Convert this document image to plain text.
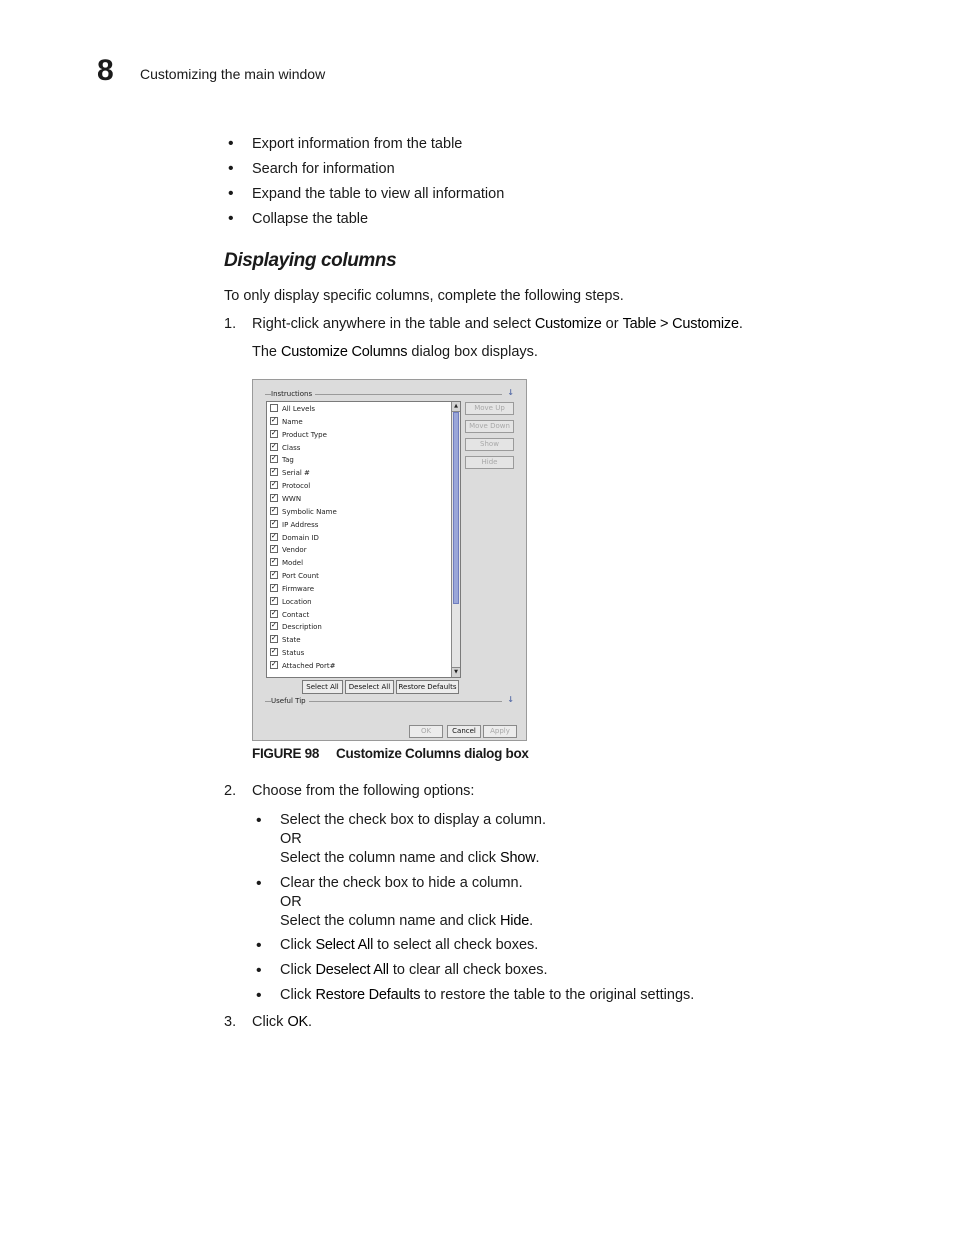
8 Customizing the main window
• Export information from the table
• Search for information
• Expand the table to view all information
• Collapse the table
Displaying columns

To only display specific columns, complete the following steps.

1. Right-click anywhere in the table and select Customize or Table > Customize.
The Customize Columns dialog box displays.
Instructions	↓
All Levels
✓Name
✓Product Type
✓Class
✓Tag
✓Serial #
✓Protocol
✓WWN
✓Symbolic Name
✓IP Address
✓Domain ID
✓Vendor
✓Model
✓Port Count
✓Firmware
✓Location
✓Contact
✓Description
✓State
✓Status
✓Attached Port#
▲
▼
Move Up
Move Down
Show
Hide
Select All	Deselect All	Restore Defaults
Useful Tip	↓
OK	Cancel	Apply
FIGURE 98 Customize Columns dialog box
2. Choose from the following options:
• Select the check box to display a column.
OR
Select the column name and click Show.
• Clear the check box to hide a column.
OR
Select the column name and click Hide.
• Click Select All to select all check boxes.
• Click Deselect All to clear all check boxes.
• Click Restore Defaults to restore the table to the original settings.
3. Click OK.
